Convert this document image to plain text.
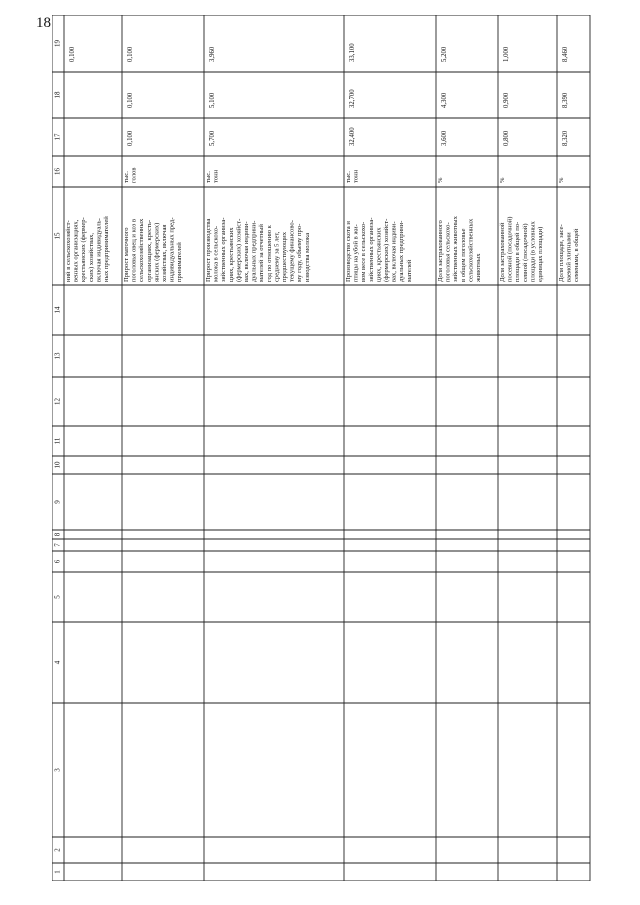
18
19
18
17
16
15
14
13
12
11
10
9
8
7
6
5
4
3
2
1
ний в сельскохозяйст- венных организациях, крестьянских (фермер- ских) хозяйствах, включая индивидуаль- ных предпринимателей
0,100
Прирост маточного поголовья овец и коз в сельскохозяйственных организациях, кресть- янских (фермерских) хозяйствах, включая индивидуальных пред- принимателей
тыс. голов
0,100
0,100
0,100
Прирост производства молока в сельскохо- зяйственных организа- циях, крестьянских (фермерских) хозяйст- вах, включая индиви- дуальных предприни- мателей за отчетный год по отношению к среднему за 5 лет, предшествующих текущему финансово- му году, объему про- изводства молока
тыс. тонн
5,700
5,100
3,960
Производство скота и птицы на убой в жи- вом весе в сельскохо- зяйственных организа- циях, крестьянских (фермерских) хозяйст- вах, включая индиви- дуальных предприни- мателей
тыс. тонн
32,400
32,700
33,100
Доля застрахованного поголовья сельскохо- зяйственных животных в общем поголовье сельскохозяйственных животных
%
3,600
4,300
5,200
Доля застрахованной посевной (посадочной) площади в общей по- севной (посадочной) площади (в условных единицах площади)
%
0,800
0,900
1,000
Доля площади, засе- ваемой элитными семенами, в общей
%
8,320
8,390
8,460
